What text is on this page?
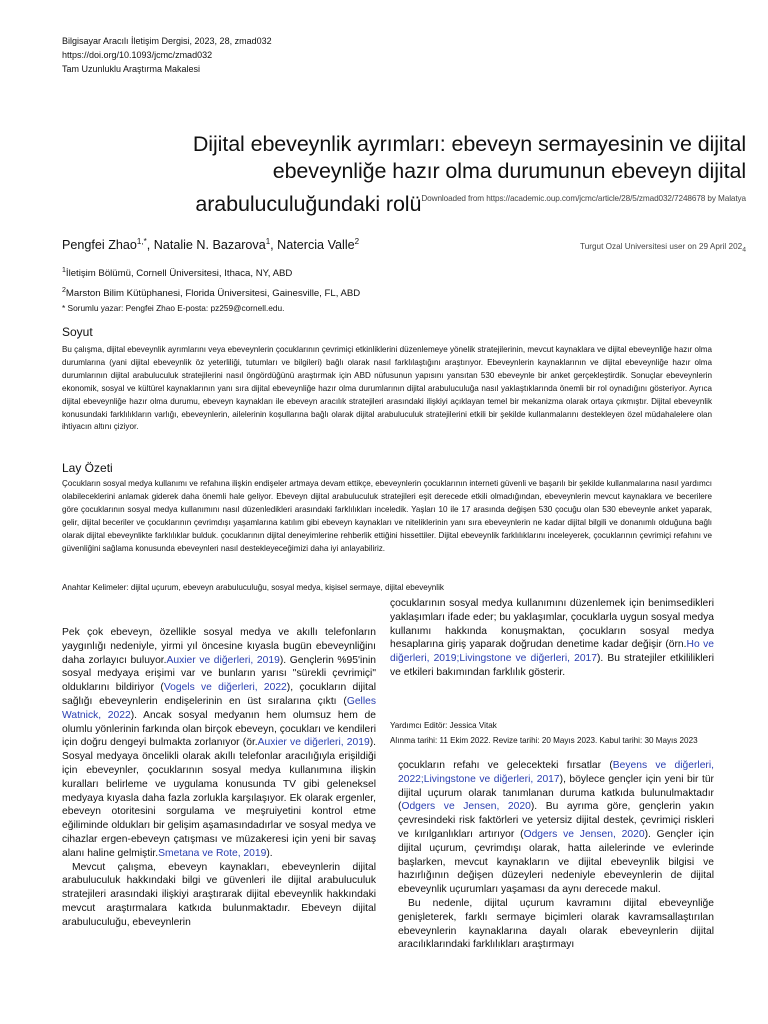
Bilgisayar Aracılı İletişim Dergisi, 2023, 28, zmad032
https://doi.org/10.1093/jcmc/zmad032
Tam Uzunluklu Araştırma Makalesi
Dijital ebeveynlik ayrımları: ebeveyn sermayesinin ve dijital
ebeveynliğe hazır olma durumunun ebeveyn dijital
arabuluculuğundaki rolü$^{Downloaded from https://academic.oup.com/jcmc/article/28/5/zmad032/7248678 by Malatya}$
Turgut Ozal Universitesi user on 29 April $202_4$
Pengfei Zhao$^{1,*}$, Natalie N. Bazarova$^1$, Natercia Valle$^2$
$^1$İletişim Bölümü, Cornell Üniversitesi, Ithaca, NY, ABD
$^2$Marston Bilim Kütüphanesi, Florida Üniversitesi, Gainesville, FL, ABD
* Sorumlu yazar: Pengfei Zhao E-posta: pz259@cornell.edu.
Soyut
Bu çalışma, dijital ebeveynlik ayrımlarını veya ebeveynlerin çocuklarının çevrimiçi etkinliklerini düzenlemeye yönelik stratejilerinin, mevcut kaynaklara ve dijital ebeveynliğe hazır olma durumlarına (yani dijital ebeveynlik öz yeterliliği, tutumları ve bilgileri) bağlı olarak nasıl farklılaştığını araştırıyor. Ebeveynlerin kaynaklarının ve dijital ebeveynliğe hazır olma durumlarının dijital arabuluculuk stratejilerini nasıl öngördüğünü araştırmak için ABD nüfusunun yapısını yansıtan 530 ebeveynle bir anket gerçekleştirdik. Sonuçlar ebeveynlerin ekonomik, sosyal ve kültürel kaynaklarının yanı sıra dijital ebeveynliğe hazır olma durumlarının dijital arabuluculuğa nasıl yaklaştıklarında önemli bir rol oynadığını gösteriyor. Ayrıca dijital ebeveynliğe hazır olma durumu, ebeveyn kaynakları ile ebeveyn aracılık stratejileri arasındaki ilişkiyi açıklayan temel bir mekanizma olarak ortaya çıkmıştır. Dijital ebeveynlik konusundaki farklılıkların varlığı, ebeveynlerin, ailelerinin koşullarına bağlı olarak dijital arabuluculuk stratejilerini etkili bir şekilde kullanmalarını destekleyen özel müdahalelere olan ihtiyacın altını çiziyor.
Lay Özeti
Çocukların sosyal medya kullanımı ve refahına ilişkin endişeler artmaya devam ettikçe, ebeveynlerin çocuklarının interneti güvenli ve başarılı bir şekilde kullanmalarına nasıl yardımcı olabileceklerini anlamak giderek daha önemli hale geliyor. Ebeveyn dijital arabuluculuk stratejileri eşit derecede etkili olmadığından, ebeveynlerin mevcut kaynaklara ve becerilere göre çocuklarının sosyal medya kullanımını nasıl düzenledikleri arasındaki farklılıkları inceledik. Yaşları 10 ile 17 arasında değişen 530 çocuğu olan 530 ebeveynle anket yaparak, gelir, dijital beceriler ve çocuklarının çevrimdışı yaşamlarına katılım gibi ebeveyn kaynakları ve niteliklerinin yanı sıra ebeveynlerin ne kadar dijital bilgili ve donanımlı olduğuna bağlı olarak dijital ebeveynlikte farklılıklar bulduk. çocuklarının dijital deneyimlerine rehberlik ettiğini hissettiler. Dijital ebeveynlik farklılıklarını inceleyerek, çocuklarının çevrimiçi refahını ve güvenliğini sağlama konusunda ebeveynleri nasıl destekleyeceğimizi daha iyi anlayabiliriz.
Anahtar Kelimeler: dijital uçurum, ebeveyn arabuluculuğu, sosyal medya, kişisel sermaye, dijital ebeveynlik

Pek çok ebeveyn, özellikle sosyal medya ve akıllı telefonların yaygınlığı nedeniyle, yirmi yıl öncesine kıyasla bugün ebeveynliğinı daha zorlayıcı buluyor.Auxier ve diğerleri, 2019). Gençlerin %95'inin sosyal medyaya erişimi var ve bunların yarısı "sürekli çevrimiçi" olduklarını bildiriyor (Vogels ve diğerleri, 2022), çocukların dijital sağlığı ebeveynlerin endişelerinin en üst sıralarına çıktı (Gelles Watnick, 2022). Ancak sosyal medyanın hem olumsuz hem de olumlu yönlerinin farkında olan birçok ebeveyn, çocukları ve kendileri için doğru dengeyi bulmakta zorlanıyor (ör.Auxier ve diğerleri, 2019). Sosyal medyaya öncelikli olarak akıllı telefonlar aracılığıyla erişildiği için ebeveynler, çocuklarının sosyal medya kullanımına ilişkin kuralları belirleme ve uygulama konusunda TV gibi geleneksel medyaya kıyasla daha fazla zorlukla karşılaşıyor. Ek olarak ergenler, ebeveyn otoritesini sorgulama ve meşruiyetini kontrol etme eğiliminde oldukları bir gelişim aşamasındadırlar ve sosyal medya ve cihazlar ergen-ebeveyn çatışması ve müzakeresi için yeni bir savaş alanı haline gelmiştir.Smetana ve Rote, 2019).

Mevcut çalışma, ebeveyn kaynakları, ebeveynlerin dijital arabuluculuk hakkındaki bilgi ve güvenleri ile dijital arabuluculuk stratejileri arasındaki ilişkiyi araştırarak dijital ebeveynlik hakkındaki mevcut araştırmalara katkıda bulunmaktadır. Ebeveyn dijital arabuluculuğu, ebeveynlerin

çocuklarının sosyal medya kullanımını düzenlemek için benimsedikleri yaklaşımları ifade eder; bu yaklaşımlar, çocuklarla uygun sosyal medya kullanımı hakkında konuşmaktan, çocukların sosyal medya hesaplarına giriş yaparak doğrudan denetime kadar değişir (örn.Ho ve diğerleri, 2019;Livingstone ve diğerleri, 2017). Bu stratejiler etkililikleri ve etkileri bakımından farklılık gösterir.

Yardımcı Editör: Jessica Vitak
Alınma tarihi: 11 Ekim 2022. Revize tarihi: 20 Mayıs 2023. Kabul tarihi: 30 Mayıs 2023

çocukların refahı ve gelecekteki fırsatlar (Beyens ve diğerleri, 2022;Livingstone ve diğerleri, 2017), böylece gençler için yeni bir tür dijital uçurum olarak tanımlanan duruma katkıda bulunulmaktadır (Odgers ve Jensen, 2020). Bu ayrıma göre, gençlerin yakın çevresindeki risk faktörleri ve yetersiz dijital destek, çevrimiçi riskleri ve kırılganlıkları artırıyor (Odgers ve Jensen, 2020). Gençler için dijital uçurum, çevrimdışı olarak, hatta ailelerinde ve evlerinde başlarken, mevcut kaynakların ve dijital ebeveynlik bilgisi ve hazırlığının değişen düzeyleri nedeniyle ebeveynlerin de dijital ebeveynlik uçurumları yaşaması da aynı derecede makul.

Bu nedenle, dijital uçurum kavramını dijital ebeveynliğe genişleterek, farklı sermaye biçimleri olarak kavramsallaştırılan ebeveynlerin kaynaklarına dayalı olarak ebeveynlerin dijital aracılıklarındaki farklılıkları araştırmayı
